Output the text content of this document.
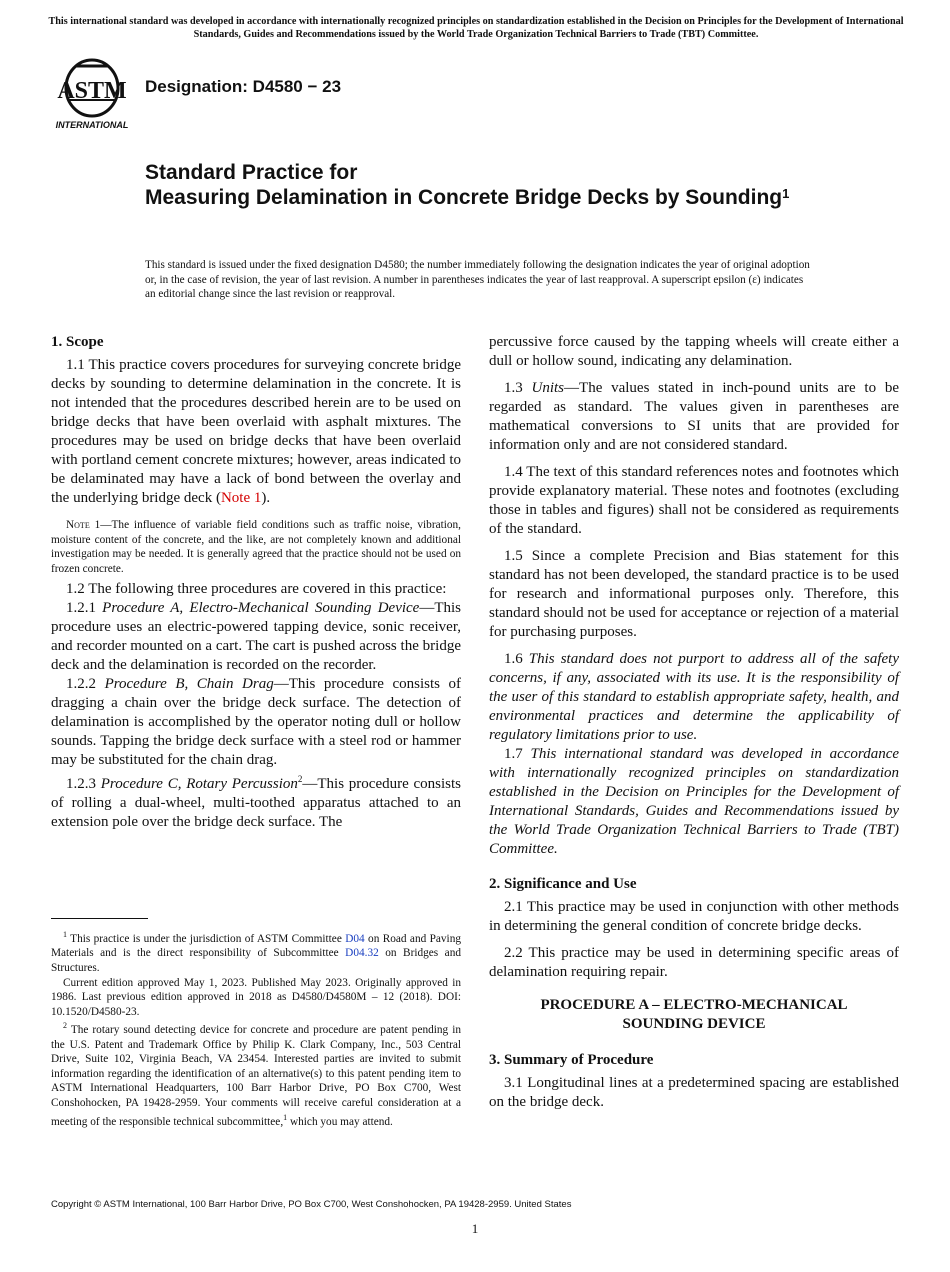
This international standard was developed in accordance with internationally recognized principles on standardization established in the Decision on Principles for the Development of International Standards, Guides and Recommendations issued by the World Trade Organization Technical Barriers to Trade (TBT) Committee.
ASTM
INTERNATIONAL
Designation: D4580 − 23
Standard Practice for
Measuring Delamination in Concrete Bridge Decks by Sounding$^1$
This standard is issued under the fixed designation D4580; the number immediately following the designation indicates the year of original adoption or, in the case of revision, the year of last revision. A number in parentheses indicates the year of last reapproval. A superscript epsilon (ε) indicates an editorial change since the last revision or reapproval.

1. Scope

1.1 This practice covers procedures for surveying concrete bridge decks by sounding to determine delamination in the concrete. It is not intended that the procedures described herein are to be used on bridge decks that have been overlaid with asphalt mixtures. The procedures may be used on bridge decks that have been overlaid with portland cement concrete mixtures; however, areas indicated to be delaminated may have a lack of bond between the overlay and the underlying bridge deck (Note 1).

Note 1—The influence of variable field conditions such as traffic noise, vibration, moisture content of the concrete, and the like, are not completely known and additional investigation may be needed. It is generally agreed that the practice should not be used on frozen concrete.

1.2 The following three procedures are covered in this practice:

1.2.1 Procedure A, Electro-Mechanical Sounding Device—This procedure uses an electric-powered tapping device, sonic receiver, and recorder mounted on a cart. The cart is pushed across the bridge deck and the delamination is recorded on the recorder.

1.2.2 Procedure B, Chain Drag—This procedure consists of dragging a chain over the bridge deck surface. The detection of delamination is accomplished by the operator noting dull or hollow sounds. Tapping the bridge deck surface with a steel rod or hammer may be substituted for the chain drag.

1.2.3 Procedure C, Rotary Percussion$^2$—This procedure consists of rolling a dual-wheel, multi-toothed apparatus attached to an extension pole over the bridge deck surface. The

$^1$ This practice is under the jurisdiction of ASTM Committee D04 on Road and Paving Materials and is the direct responsibility of Subcommittee D04.32 on Bridges and Structures.

Current edition approved May 1, 2023. Published May 2023. Originally approved in 1986. Last previous edition approved in 2018 as D4580/D4580M – 12 (2018). DOI: 10.1520/D4580-23.

$^2$ The rotary sound detecting device for concrete and procedure are patent pending in the U.S. Patent and Trademark Office by Philip K. Clark Company, Inc., 503 Central Drive, Suite 102, Virginia Beach, VA 23454. Interested parties are invited to submit information regarding the identification of an alternative(s) to this patent pending item to ASTM International Headquarters, 100 Barr Harbor Drive, PO Box C700, West Conshohocken, PA 19428-2959. Your comments will receive careful consideration at a meeting of the responsible technical subcommittee,$^1$ which you may attend.

percussive force caused by the tapping wheels will create either a dull or hollow sound, indicating any delamination.

1.3 Units—The values stated in inch-pound units are to be regarded as standard. The values given in parentheses are mathematical conversions to SI units that are provided for information only and are not considered standard.

1.4 The text of this standard references notes and footnotes which provide explanatory material. These notes and footnotes (excluding those in tables and figures) shall not be considered as requirements of the standard.

1.5 Since a complete Precision and Bias statement for this standard has not been developed, the standard practice is to be used for research and informational purposes only. Therefore, this standard should not be used for acceptance or rejection of a material for purchasing purposes.

1.6 This standard does not purport to address all of the safety concerns, if any, associated with its use. It is the responsibility of the user of this standard to establish appropriate safety, health, and environmental practices and determine the applicability of regulatory limitations prior to use.

1.7 This international standard was developed in accordance with internationally recognized principles on standardization established in the Decision on Principles for the Development of International Standards, Guides and Recommendations issued by the World Trade Organization Technical Barriers to Trade (TBT) Committee.

2. Significance and Use

2.1 This practice may be used in conjunction with other methods in determining the general condition of concrete bridge decks.

2.2 This practice may be used in determining specific areas of delamination requiring repair.

PROCEDURE A – ELECTRO-MECHANICAL
SOUNDING DEVICE

3. Summary of Procedure

3.1 Longitudinal lines at a predetermined spacing are established on the bridge deck.

Copyright © ASTM International, 100 Barr Harbor Drive, PO Box C700, West Conshohocken, PA 19428-2959. United States
1
